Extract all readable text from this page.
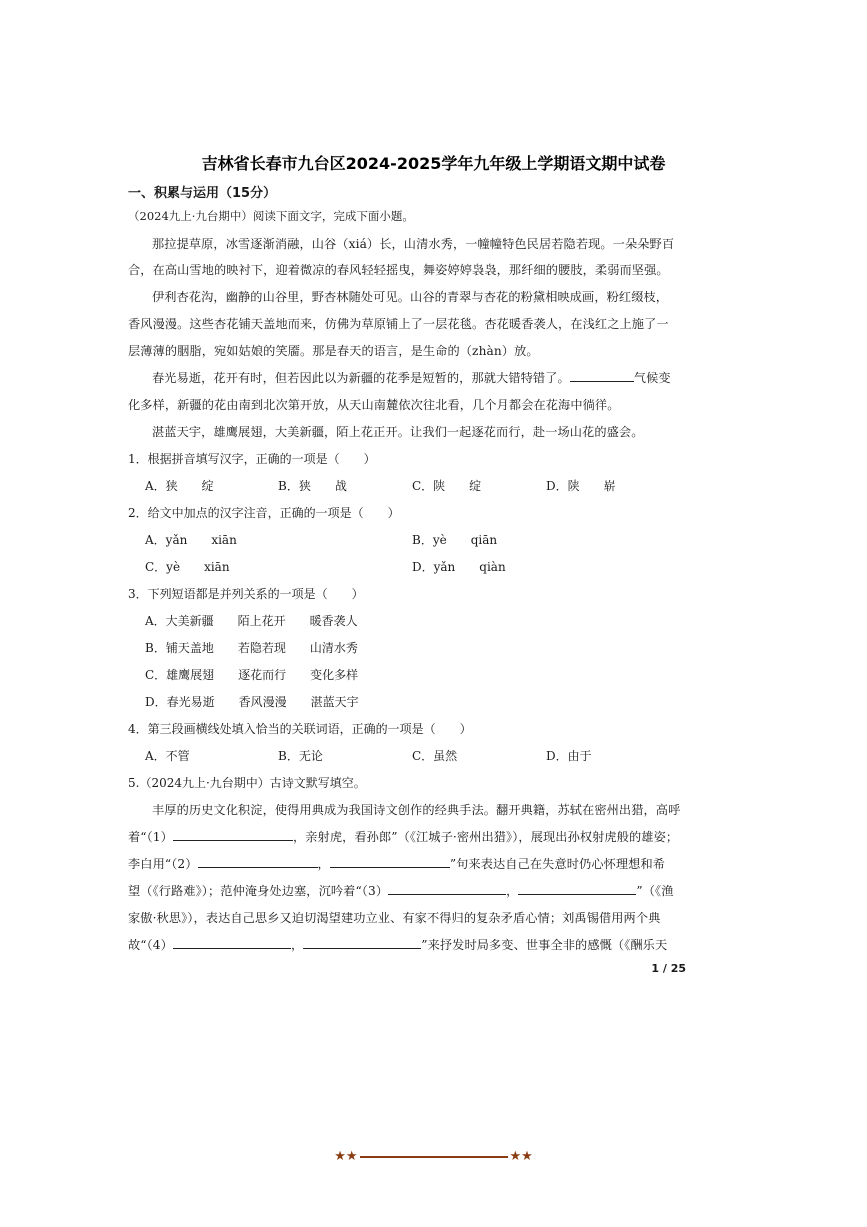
吉林省长春市九台区2024-2025学年九年级上学期语文期中试卷
一、积累与运用（15分）
（2024九上·九台期中）阅读下面文字，完成下面小题。
那拉提草原，冰雪逐渐消融，山谷（xiá）长，山清水秀，一幢幢特色民居若隐若现。一朵朵野百
合，在高山雪地的映衬下，迎着微凉的春风轻轻摇曳，舞姿婷婷袅袅，那纤细的腰肢，柔弱而坚强。
伊利杏花沟，幽静的山谷里，野杏林随处可见。山谷的青翠与杏花的粉黛相映成画，粉红缀枝，
香风漫漫。这些杏花铺天盖地而来，仿佛为草原铺上了一层花毯。杏花暖香袭人，在浅红之上施了一
层薄薄的胭脂，宛如姑娘的笑靥。那是春天的语言，是生命的（zhàn）放。
春光易逝，花开有时，但若因此以为新疆的花季是短暂的，那就大错特错了。	气候变
化多样，新疆的花由南到北次第开放，从天山南麓依次往北看，几个月都会在花海中徜徉。
湛蓝天宇，雄鹰展翅，大美新疆，陌上花正开。让我们一起逐花而行，赴一场山花的盛会。
1．根据拼音填写汉字，正确的一项是（　　）
A．狭　　绽	B．狭　　战	C．陕　　绽	D．陕　　崭
2．给文中加点的汉字注音，正确的一项是（　　）
A．yǎn　　xiān	B．yè　　qiān
C．yè　　xiān	D．yǎn　　qiàn
3．下列短语都是并列关系的一项是（　　）
A．大美新疆　　陌上花开　　暖香袭人
B．铺天盖地　　若隐若现　　山清水秀
C．雄鹰展翅　　逐花而行　　变化多样
D．春光易逝　　香风漫漫　　湛蓝天宇
4．第三段画横线处填入恰当的关联词语，正确的一项是（　　）
A．不管	B．无论	C．虽然	D．由于
5.（2024九上·九台期中）古诗文默写填空。
丰厚的历史文化积淀，使得用典成为我国诗文创作的经典手法。翻开典籍，苏轼在密州出猎，高呼
着“（1）	，亲射虎，看孙郎”（《江城子·密州出猎》），展现出孙权射虎般的雄姿；
李白用“（2）	，	”句来表达自己在失意时仍心怀理想和希
望（《行路难》）；范仲淹身处边塞，沉吟着“（3）	，	”（《渔
家傲·秋思》），表达自己思乡又迫切渴望建功立业、有家不得归的复杂矛盾心情；刘禹锡借用两个典
故“（4）	，	”来抒发时局多变、世事全非的感慨（《酬乐天
1 / 25
★★	★★
